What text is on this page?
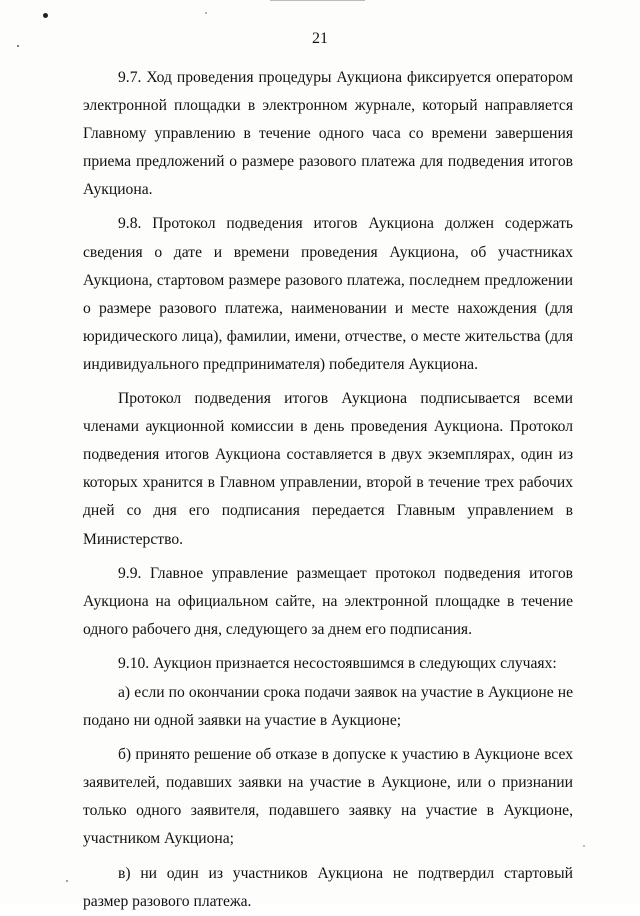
21

9.7. Ход проведения процедуры Аукциона фиксируется оператором электронной площадки в электронном журнале, который направляется Главному управлению в течение одного часа со времени завершения приема предложений о размере разового платежа для подведения итогов Аукциона.

9.8. Протокол подведения итогов Аукциона должен содержать сведения о дате и времени проведения Аукциона, об участниках Аукциона, стартовом размере разового платежа, последнем предложении о размере разового платежа, наименовании и месте нахождения (для юридического лица), фамилии, имени, отчестве, о месте жительства (для индивидуального предпринимателя) победителя Аукциона.

Протокол подведения итогов Аукциона подписывается всеми членами аукционной комиссии в день проведения Аукциона. Протокол подведения итогов Аукциона составляется в двух экземплярах, один из которых хранится в Главном управлении, второй в течение трех рабочих дней со дня его подписания передается Главным управлением в Министерство.

9.9. Главное управление размещает протокол подведения итогов Аукциона на официальном сайте, на электронной площадке в течение одного рабочего дня, следующего за днем его подписания.

9.10. Аукцион признается несостоявшимся в следующих случаях:

а) если по окончании срока подачи заявок на участие в Аукционе не подано ни одной заявки на участие в Аукционе;

б) принято решение об отказе в допуске к участию в Аукционе всех заявителей, подавших заявки на участие в Аукционе, или о признании только одного заявителя, подавшего заявку на участие в Аукционе, участником Аукциона;

в) ни один из участников Аукциона не подтвердил стартовый размер разового платежа.
